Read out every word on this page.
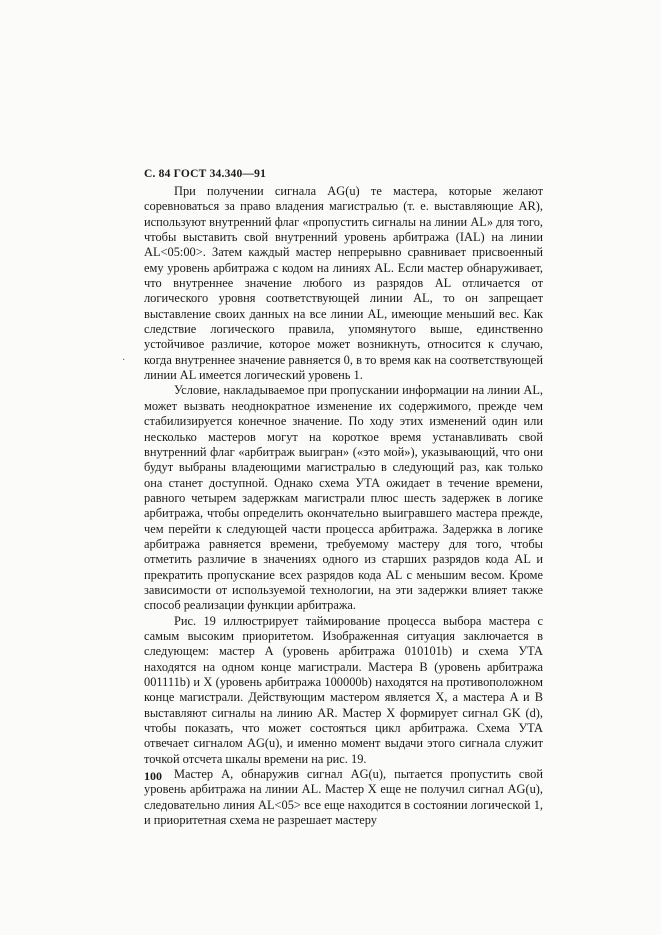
С. 84 ГОСТ 34.340—91
·

При получении сигнала AG(u) те мастера, которые желают соревноваться за право владения магистралью (т. е. выставляющие AR), используют внутренний флаг «пропустить сигналы на линии AL» для того, чтобы выставить свой внутренний уровень арбитража (IAL) на линии AL<05:00>. Затем каждый мастер непрерывно сравнивает присвоенный ему уровень арбитража с кодом на линиях AL. Если мастер обнаруживает, что внутреннее значение любого из разрядов AL отличается от логического уровня соответствующей линии AL, то он запрещает выставление своих данных на все линии AL, имеющие меньший вес. Как следствие логического правила, упомянутого выше, единственно устойчивое различие, которое может возникнуть, относится к случаю, когда внутреннее значение равняется 0, в то время как на соответствующей линии AL имеется логический уровень 1.

Условие, накладываемое при пропускании информации на линии AL, может вызвать неоднократное изменение их содержимого, прежде чем стабилизируется конечное значение. По ходу этих изменений один или несколько мастеров могут на короткое время устанавливать свой внутренний флаг «арбитраж выигран» («это мой»), указывающий, что они будут выбраны владеющими магистралью в следующий раз, как только она станет доступной. Однако схема УТА ожидает в течение времени, равного четырем задержкам магистрали плюс шесть задержек в логике арбитража, чтобы определить окончательно выигравшего мастера прежде, чем перейти к следующей части процесса арбитража. Задержка в логике арбитража равняется времени, требуемому мастеру для того, чтобы отметить различие в значениях одного из старших разрядов кода AL и прекратить пропускание всех разрядов кода AL с меньшим весом. Кроме зависимости от используемой технологии, на эти задержки влияет также способ реализации функции арбитража.

Рис. 19 иллюстрирует таймирование процесса выбора мастера с самым высоким приоритетом. Изображенная ситуация заключается в следующем: мастер A (уровень арбитража 010101b) и схема УТА находятся на одном конце магистрали. Мастера B (уровень арбитража 001111b) и X (уровень арбитража 100000b) находятся на противоположном конце магистрали. Действующим мастером является X, а мастера A и B выставляют сигналы на линию AR. Мастер X формирует сигнал GK (d), чтобы показать, что может состояться цикл арбитража. Схема УТА отвечает сигналом AG(u), и именно момент выдачи этого сигнала служит точкой отсчета шкалы времени на рис. 19.

Мастер A, обнаружив сигнал AG(u), пытается пропустить свой уровень арбитража на линии AL. Мастер X еще не получил сигнал AG(u), следовательно линия AL<05> все еще находится в состоянии логической 1, и приоритетная схема не разрешает мастеру

100
